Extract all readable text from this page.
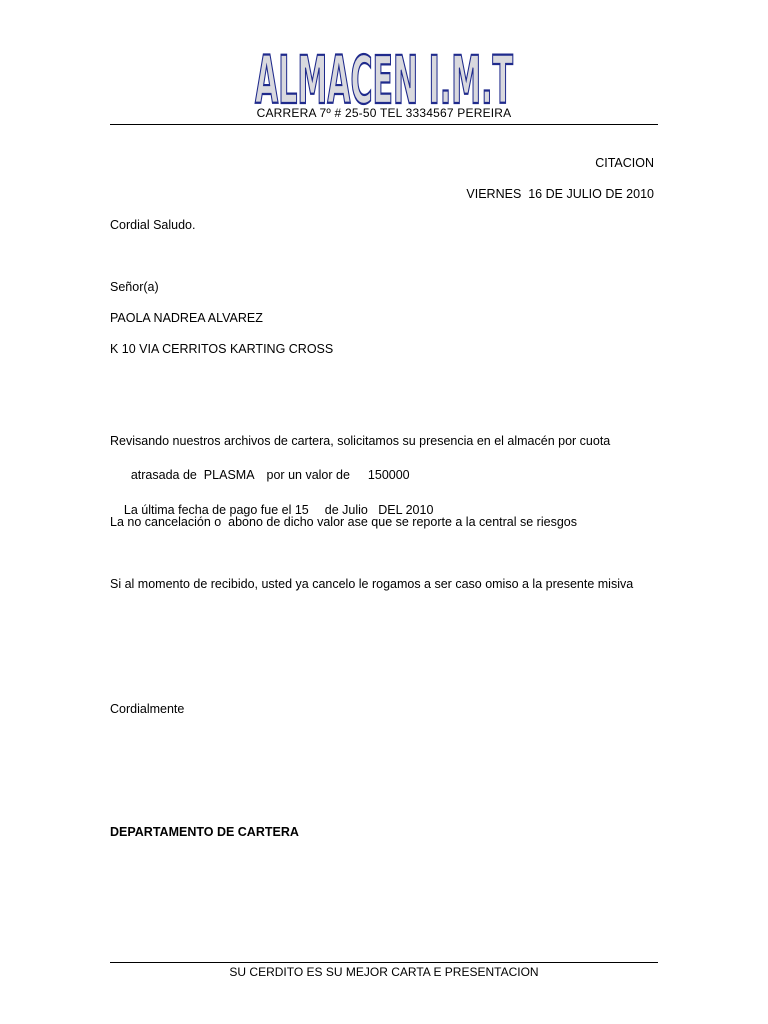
ALMACEN I.M.T
CARRERA 7º # 25-50 TEL 3334567 PEREIRA
CITACION
VIERNES  16 DE JULIO DE 2010
Cordial Saludo.
Señor(a)
PAOLA NADREA ALVAREZ
K 10 VIA CERRITOS KARTING CROSS
Revisando nuestros archivos de cartera, solicitamos su presencia en el almacén por cuota

atrasada de  PLASMA por un valor de 150000

La última fecha de pago fue el 15 de Julio   DEL 2010

La no cancelación o  abono de dicho valor ase que se reporte a la central se riesgos
Si al momento de recibido, usted ya cancelo le rogamos a ser caso omiso a la presente misiva
Cordialmente
DEPARTAMENTO DE CARTERA
SU CERDITO ES SU MEJOR CARTA E PRESENTACION
